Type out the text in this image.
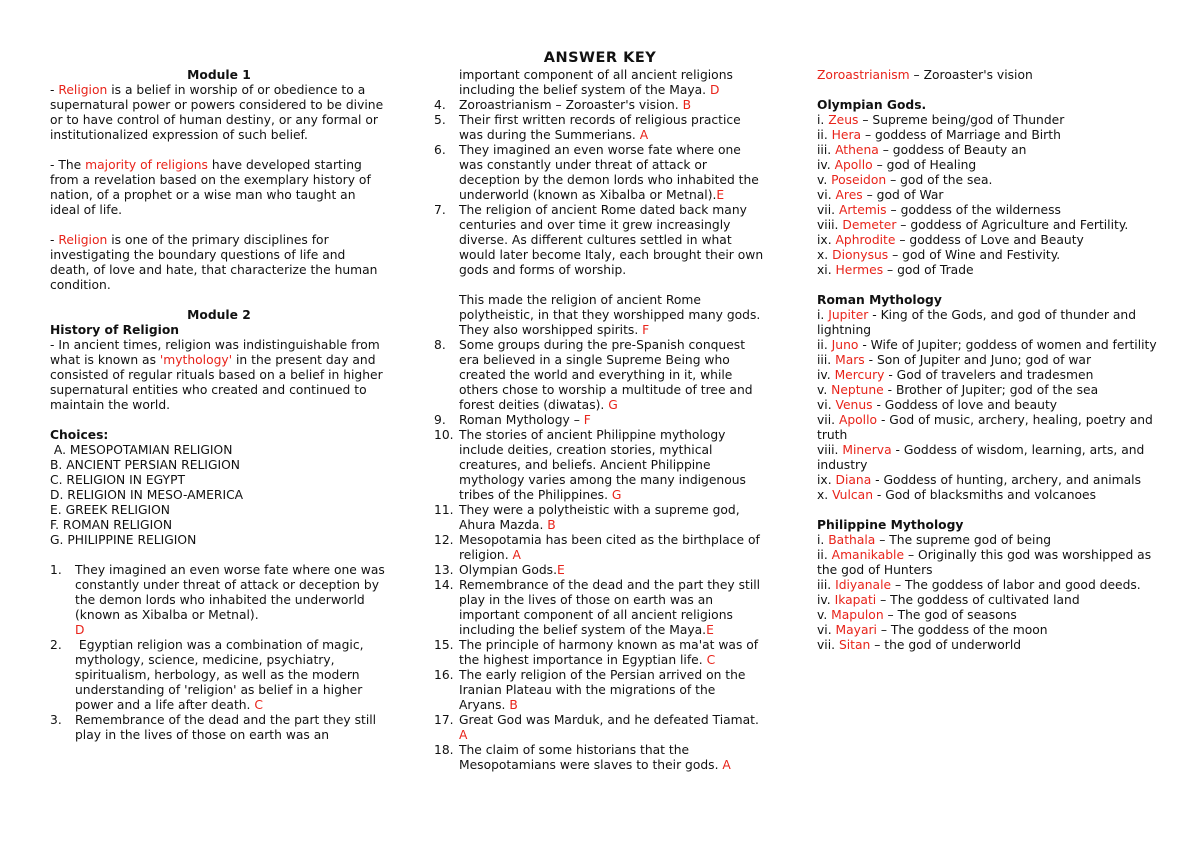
ANSWER KEY
Module 1

- Religion is a belief in worship of or obedience to a supernatural power or powers considered to be divine or to have control of human destiny, or any formal or institutionalized expression of such belief.

- The majority of religions have developed starting from a revelation based on the exemplary history of nation, of a prophet or a wise man who taught an ideal of life.

- Religion is one of the primary disciplines for investigating the boundary questions of life and death, of love and hate, that characterize the human condition.

Module 2
History of Religion

- In ancient times, religion was indistinguishable from what is known as 'mythology' in the present day and consisted of regular rituals based on a belief in higher supernatural entities who created and continued to maintain the world.

Choices:
A. MESOPOTAMIAN RELIGION
B. ANCIENT PERSIAN RELIGION
C. RELIGION IN EGYPT
D. RELIGION IN MESO-AMERICA
E. GREEK RELIGION
F. ROMAN RELIGION
G. PHILIPPINE RELIGION
1.	They imagined an even worse fate where one was constantly under threat of attack or deception by the demon lords who inhabited the underworld (known as Xibalba or Metnal).
D
2.	Egyptian religion was a combination of magic, mythology, science, medicine, psychiatry, spiritualism, herbology, as well as the modern understanding of 'religion' as belief in a higher power and a life after death. C
3.	Remembrance of the dead and the part they still play in the lives of those on earth was an
important component of all ancient religions including the belief system of the Maya. D
4.	Zoroastrianism – Zoroaster's vision. B
5.	Their first written records of religious practice was during the Summerians. A
6.	They imagined an even worse fate where one was constantly under threat of attack or deception by the demon lords who inhabited the underworld (known as Xibalba or Metnal).E
7.	The religion of ancient Rome dated back many centuries and over time it grew increasingly diverse. As different cultures settled in what would later become Italy, each brought their own gods and forms of worship.
This made the religion of ancient Rome polytheistic, in that they worshipped many gods. They also worshipped spirits. F
8.	Some groups during the pre-Spanish conquest era believed in a single Supreme Being who created the world and everything in it, while others chose to worship a multitude of tree and forest deities (diwatas). G
9.	Roman Mythology – F
10. The stories of ancient Philippine mythology include deities, creation stories, mythical creatures, and beliefs. Ancient Philippine mythology varies among the many indigenous tribes of the Philippines. G
11. They were a polytheistic with a supreme god, Ahura Mazda. B
12. Mesopotamia has been cited as the birthplace of religion. A
13. Olympian Gods.E
14. Remembrance of the dead and the part they still play in the lives of those on earth was an important component of all ancient religions including the belief system of the Maya.E
15. The principle of harmony known as ma'at was of the highest importance in Egyptian life. C
16. The early religion of the Persian arrived on the Iranian Plateau with the migrations of the Aryans. B
17. Great God was Marduk, and he defeated Tiamat. A
18. The claim of some historians that the Mesopotamians were slaves to their gods. A

Zoroastrianism – Zoroaster's vision

Olympian Gods.

i. Zeus – Supreme being/god of Thunder

ii. Hera – goddess of Marriage and Birth

iii. Athena – goddess of Beauty an

iv. Apollo – god of Healing

v. Poseidon – god of the sea.

vi. Ares – god of War

vii. Artemis – goddess of the wilderness

viii. Demeter – goddess of Agriculture and Fertility.

ix. Aphrodite – goddess of Love and Beauty

x. Dionysus – god of Wine and Festivity.

xi. Hermes – god of Trade

Roman Mythology

i. Jupiter - King of the Gods, and god of thunder and lightning

ii. Juno - Wife of Jupiter; goddess of women and fertility

iii. Mars - Son of Jupiter and Juno; god of war

iv. Mercury - God of travelers and tradesmen

v. Neptune - Brother of Jupiter; god of the sea

vi. Venus - Goddess of love and beauty

vii. Apollo - God of music, archery, healing, poetry and truth

viii. Minerva - Goddess of wisdom, learning, arts, and industry

ix. Diana - Goddess of hunting, archery, and animals

x. Vulcan - God of blacksmiths and volcanoes

Philippine Mythology

i. Bathala – The supreme god of being

ii. Amanikable – Originally this god was worshipped as the god of Hunters

iii. Idiyanale – The goddess of labor and good deeds.

iv. Ikapati – The goddess of cultivated land

v. Mapulon – The god of seasons

vi. Mayari – The goddess of the moon

vii. Sitan – the god of underworld
